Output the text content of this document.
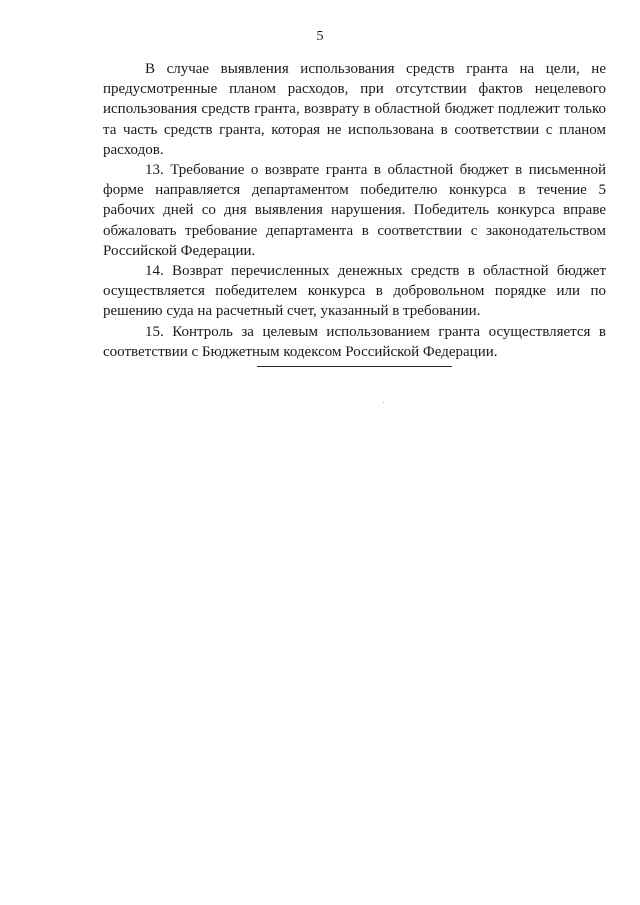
5

В случае выявления использования средств гранта на цели, не предусмотренные планом расходов, при отсутствии фактов нецелевого использования средств гранта, возврату в областной бюджет подлежит только та часть средств гранта, которая не использована в соответствии с планом расходов.

13. Требование о возврате гранта в областной бюджет в письменной форме направляется департаментом победителю конкурса в течение 5 рабочих дней со дня выявления нарушения. Победитель конкурса вправе обжаловать требование департамента в соответствии с законодательством Российской Федерации.

14. Возврат перечисленных денежных средств в областной бюджет осуществляется победителем конкурса в добровольном порядке или по решению суда на расчетный счет, указанный в требовании.

15. Контроль за целевым использованием гранта осуществляется в соответствии с Бюджетным кодексом Российской Федерации.
